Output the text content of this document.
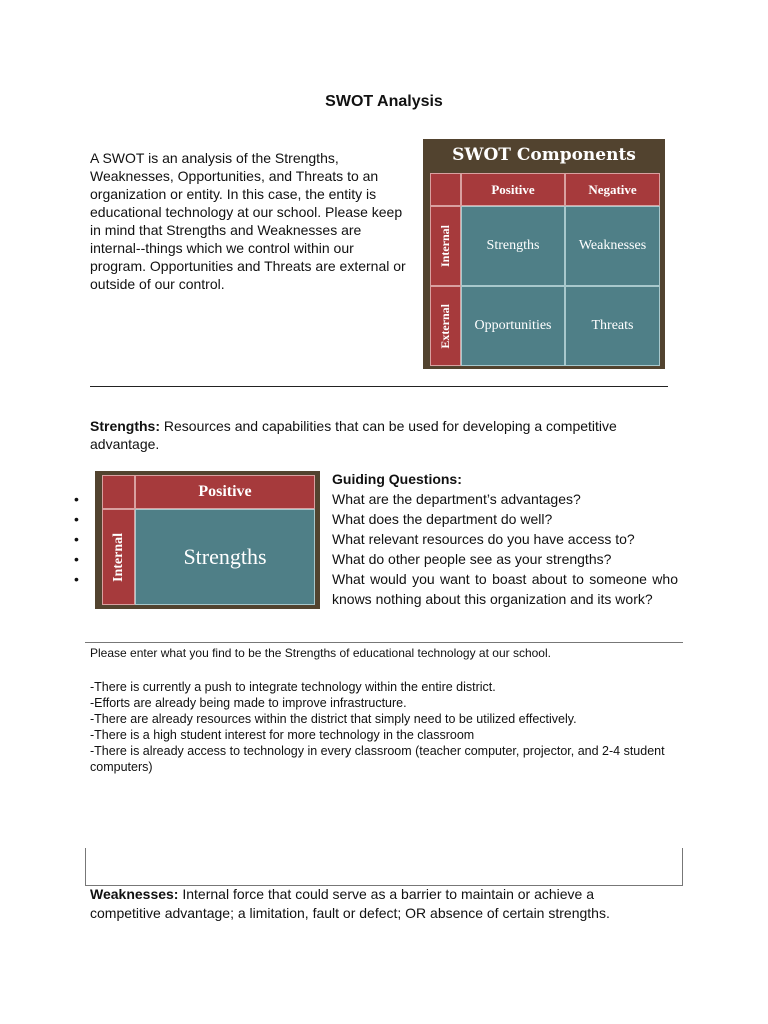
SWOT Analysis
A SWOT is an analysis of the Strengths, Weaknesses, Opportunities, and Threats to an organization or entity. In this case, the entity is educational technology at our school. Please keep in mind that Strengths and Weaknesses are internal--things which we control within our program. Opportunities and Threats are external or outside of our control.
SWOT Components
Positive	Negative
Internal	Strengths	Weaknesses
External	Opportunities	Threats
Strengths: Resources and capabilities that can be used for developing a competitive advantage.
Positive
Internal	Strengths
•
•
•
•
•
Guiding Questions:
What are the department’s advantages?
What does the department do well?
What relevant resources do you have access to?
What do other people see as your strengths?
What would you want to boast about to someone who knows nothing about this organization and its work?
Please enter what you find to be the Strengths of educational technology at our school.
-There is currently a push to integrate technology within the entire district.
-Efforts are already being made to improve infrastructure.
-There are already resources within the district that simply need to be utilized effectively.
-There is a high student interest for more technology in the classroom
-There is already access to technology in every classroom (teacher computer, projector, and 2-4 student computers)
Weaknesses: Internal force that could serve as a barrier to maintain or achieve a competitive advantage; a limitation, fault or defect; OR absence of certain strengths.
